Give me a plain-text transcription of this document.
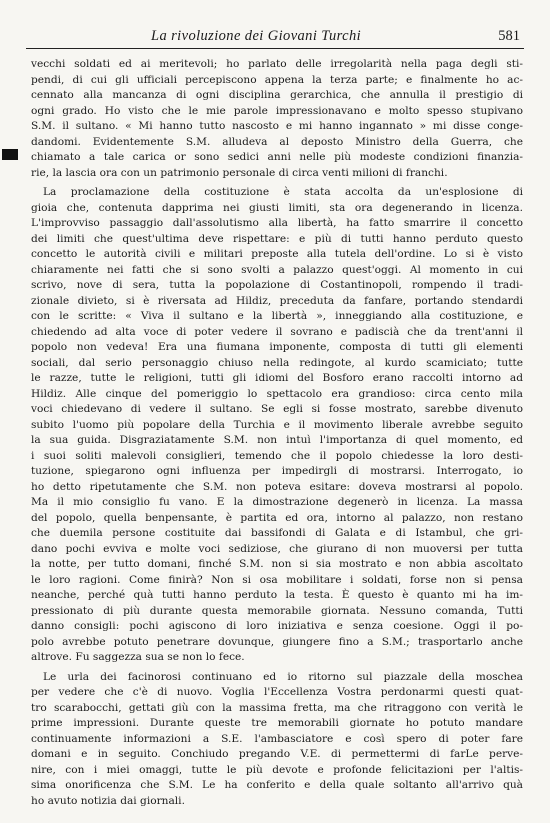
La rivoluzione dei Giovani Turchi	581
vecchi soldati ed ai meritevoli; ho parlato delle irregolarità nella paga degli sti-
pendi, di cui gli ufficiali percepiscono appena la terza parte; e finalmente ho ac-
cennato alla mancanza di ogni disciplina gerarchica, che annulla il prestigio di
ogni grado. Ho visto che le mie parole impressionavano e molto spesso stupivano
S.M. il sultano. « Mi hanno tutto nascosto e mi hanno ingannato » mi disse conge-
dandomi. Evidentemente S.M. alludeva al deposto Ministro della Guerra, che
chiamato a tale carica or sono sedici anni nelle più modeste condizioni finanzia-
rie, la lascia ora con un patrimonio personale di circa venti milioni di franchi.
La proclamazione della costituzione è stata accolta da un'esplosione di
gioia che, contenuta dapprima nei giusti limiti, sta ora degenerando in licenza.
L'improvviso passaggio dall'assolutismo alla libertà, ha fatto smarrire il concetto
dei limiti che quest'ultima deve rispettare: e più di tutti hanno perduto questo
concetto le autorità civili e militari preposte alla tutela dell'ordine. Lo si è visto
chiaramente nei fatti che si sono svolti a palazzo quest'oggi. Al momento in cui
scrivo, nove di sera, tutta la popolazione di Costantinopoli, rompendo il tradi-
zionale divieto, si è riversata ad Hildiz, preceduta da fanfare, portando stendardi
con le scritte: « Viva il sultano e la libertà », inneggiando alla costituzione, e
chiedendo ad alta voce di poter vedere il sovrano e padiscià che da trent'anni il
popolo non vedeva! Era una fiumana imponente, composta di tutti gli elementi
sociali, dal serio personaggio chiuso nella redingote, al kurdo scamiciato; tutte
le razze, tutte le religioni, tutti gli idiomi del Bosforo erano raccolti intorno ad
Hildiz. Alle cinque del pomeriggio lo spettacolo era grandioso: circa cento mila
voci chiedevano di vedere il sultano. Se egli si fosse mostrato, sarebbe divenuto
subito l'uomo più popolare della Turchia e il movimento liberale avrebbe seguito
la sua guida. Disgraziatamente S.M. non intuì l'importanza di quel momento, ed
i suoi soliti malevoli consiglieri, temendo che il popolo chiedesse la loro desti-
tuzione, spiegarono ogni influenza per impedirgli di mostrarsi. Interrogato, io
ho detto ripetutamente che S.M. non poteva esitare: doveva mostrarsi al popolo.
Ma il mio consiglio fu vano. E la dimostrazione degenerò in licenza. La massa
del popolo, quella benpensante, è partita ed ora, intorno al palazzo, non restano
che duemila persone costituite dai bassifondi di Galata e di Istambul, che gri-
dano pochi evviva e molte voci sediziose, che giurano di non muoversi per tutta
la notte, per tutto domani, finché S.M. non si sia mostrato e non abbia ascoltato
le loro ragioni. Come finirà? Non si osa mobilitare i soldati, forse non si pensa
neanche, perché quà tutti hanno perduto la testa. È questo è quanto mi ha im-
pressionato di più durante questa memorabile giornata. Nessuno comanda, Tutti
danno consigli: pochi agiscono di loro iniziativa e senza coesione. Oggi il po-
polo avrebbe potuto penetrare dovunque, giungere fino a S.M.; trasportarlo anche
altrove. Fu saggezza sua se non lo fece.
Le urla dei facinorosi continuano ed io ritorno sul piazzale della moschea
per vedere che c'è di nuovo. Voglia l'Eccellenza Vostra perdonarmi questi quat-
tro scarabocchi, gettati giù con la massima fretta, ma che ritraggono con verità le
prime impressioni. Durante queste tre memorabili giornate ho potuto mandare
continuamente informazioni a S.E. l'ambasciatore e così spero di poter fare
domani e in seguito. Conchiudo pregando V.E. di permettermi di farLe perve-
nire, con i miei omaggi, tutte le più devote e profonde felicitazioni per l'altis-
sima onorificenza che S.M. Le ha conferito e della quale soltanto all'arrivo quà
ho avuto notizia dai giornali.
